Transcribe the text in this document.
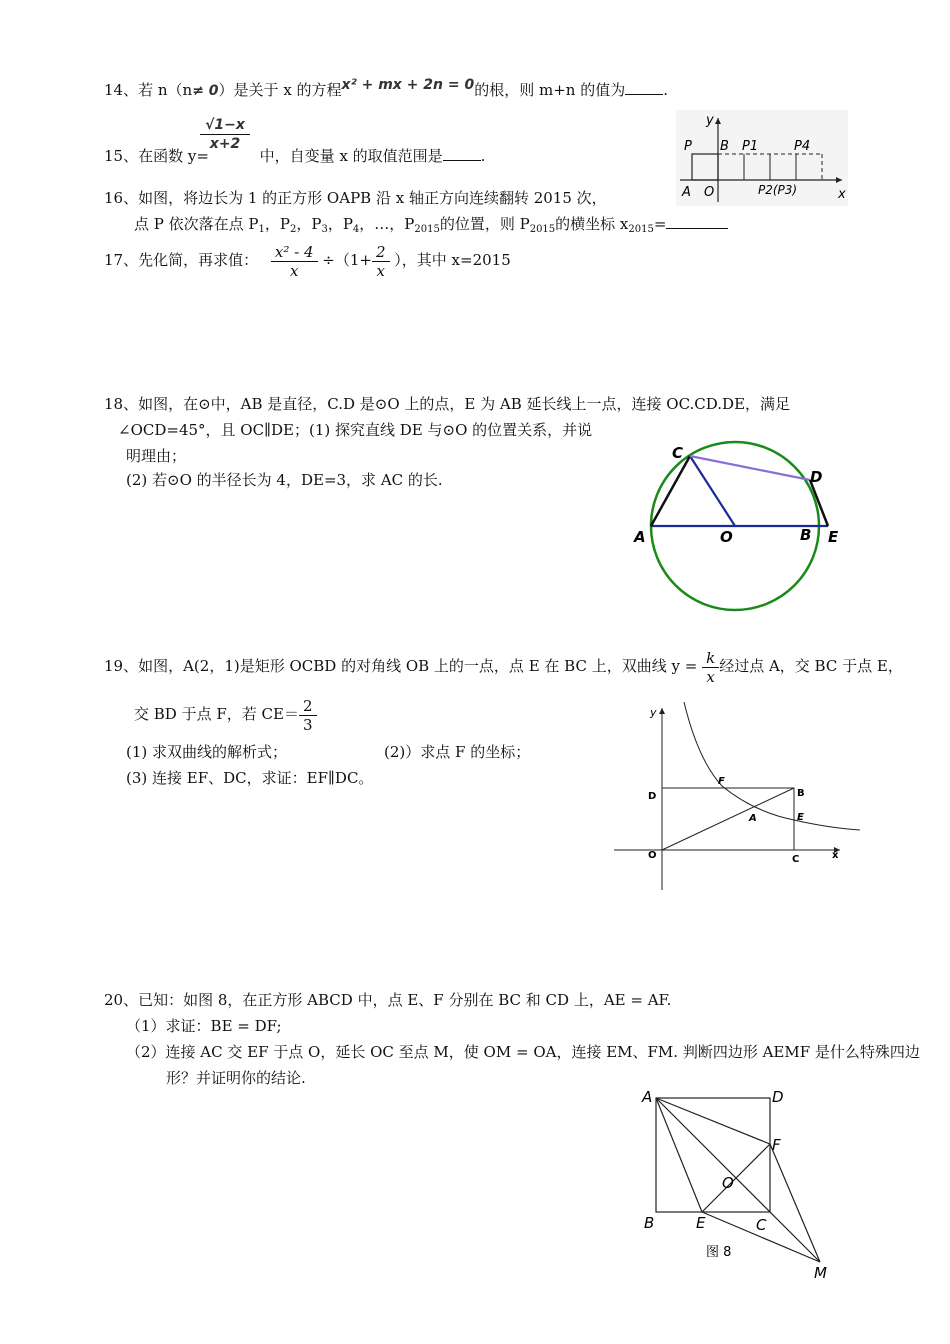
14、若 n（n≠ 0）是关于 x 的方程x² + mx + 2n = 0的根，则 m+n 的值为	.
$\frac{√1-x}{x+2}$
15、在函数 y=	中，自变量 x 的取值范围是	.
16、如图，将边长为 1 的正方形 OAPB 沿 x 轴正方向连续翻转 2015 次，
点 P 依次落在点 $P_1$，$P_2$，$P_3$，$P_4$，…，$P_{2015}$的位置，则 $P_{2015}$的横坐标 $x_{2015}=$
y
P B P1	P4
A O	P2(P3)	x
17、先化简，再求值： $\frac{\text{x² - 4}}{x} \div(1+ \frac{2}{x}$ ），其中 x=2015
18、如图，在⊙中，AB 是直径，C.D 是⊙O 上的点，E 为 AB 延长线上一点，连接 OC.CD.DE，满足
∠OCD=45°，且 OC∥DE；(1) 探究直线 DE 与⊙O 的位置关系，并说
明理由；
(2) 若⊙O 的半径长为 4，DE=3，求 AC 的长.
C
D
A	O	B E
19、如图，A(2，1)是矩形 OCBD 的对角线 OB 上的一点，点 E 在 BC 上，双曲线 $y = \frac{k}{x}$ 经过点 A，交 BC 于点 E，
交 BD 于点 F，若 $CE= \frac{2}{3}$
(1) 求双曲线的解析式；	(2)）求点 F 的坐标；
(3) 连接 EF、DC，求证：EF∥DC。
y
F
D	B
A	E
O	C	x
20、已知：如图 8，在正方形 ABCD 中，点 E、F 分别在 BC 和 CD 上，AE = AF.
（1）求证：BE = DF;
（2）连接 AC 交 EF 于点 O，延长 OC 至点 M，使 OM = OA，连接 EM、FM. 判断四边形 AEMF 是什么特殊四边
形？并证明你的结论.
A	D
F
O
B	E	C
M
图 8
